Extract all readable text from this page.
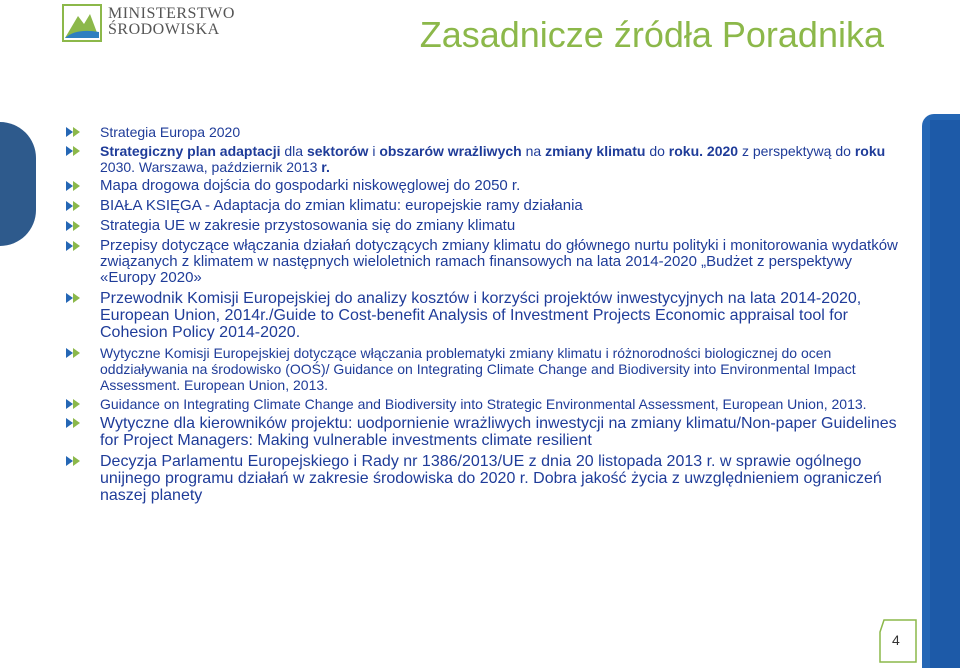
MINISTERSTWO
ŚRODOWISKA	Zasadnicze źródła Poradnika
Strategia Europa 2020
Strategiczny plan adaptacji dla sektorów i obszarów wrażliwych na zmiany klimatu do roku. 2020 z perspektywą do roku 2030. Warszawa, październik 2013 r.
Mapa drogowa dojścia do gospodarki niskowęglowej do 2050 r.
BIAŁA KSIĘGA - Adaptacja do zmian klimatu: europejskie ramy działania
Strategia UE w zakresie przystosowania się do zmiany klimatu
Przepisy dotyczące włączania działań dotyczących zmiany klimatu do głównego nurtu polityki i monitorowania wydatków związanych z klimatem w następnych wieloletnich ramach finansowych na lata 2014-2020 „Budżet z perspektywy «Europy 2020»
Przewodnik Komisji Europejskiej do analizy kosztów i korzyści projektów inwestycyjnych na lata 2014-2020, European Union, 2014r./Guide to Cost-benefit Analysis of Investment Projects Economic appraisal tool for Cohesion Policy 2014-2020.
Wytyczne Komisji Europejskiej dotyczące włączania problematyki zmiany klimatu i różnorodności biologicznej do ocen oddziaływania na środowisko (OOŚ)/ Guidance on Integrating Climate Change and Biodiversity into Environmental Impact Assessment. European Union, 2013.
Guidance on Integrating Climate Change and Biodiversity into Strategic Environmental Assessment, European Union, 2013.
Wytyczne dla kierowników projektu: uodpornienie wrażliwych inwestycji na zmiany klimatu/Non-paper Guidelines for Project Managers: Making vulnerable investments climate resilient
Decyzja Parlamentu Europejskiego i Rady nr 1386/2013/UE z dnia 20 listopada 2013 r. w sprawie ogólnego unijnego programu działań w zakresie środowiska do 2020 r. Dobra jakość życia z uwzględnieniem ograniczeń naszej planety
4
